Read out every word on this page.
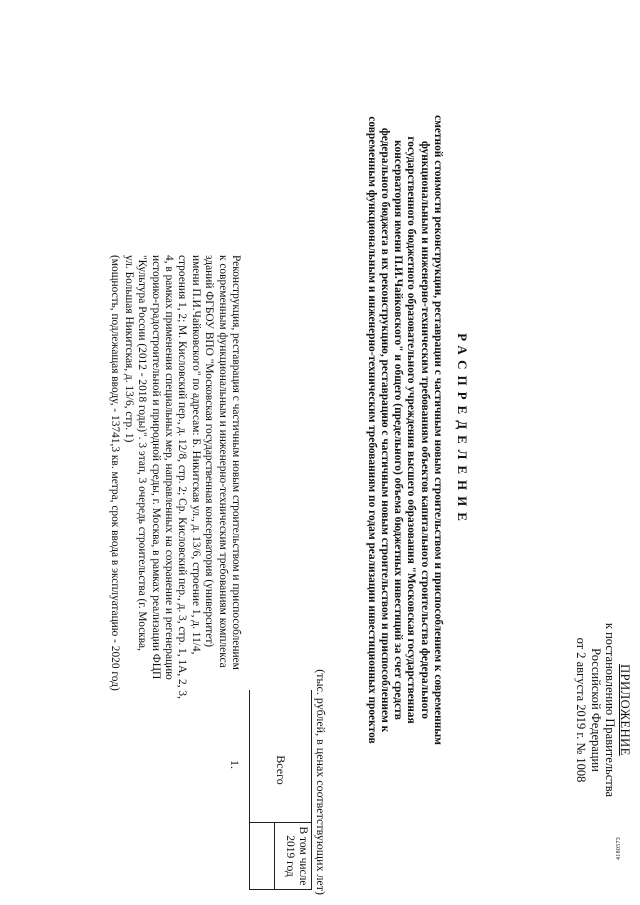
ПРИЛОЖЕНИЕ
к постановлению Правительства
Российской Федерации
от 2 августа 2019 г. № 1008
РАСПРЕДЕЛЕНИЕ
сметной стоимости реконструкции, реставрации с частичным новым строительством и приспособлением к современным
функциональным и инженерно-техническим требованиям объектов капитального строительства федерального
государственного бюджетного образовательного учреждения высшего образования "Московская государственная
консерватория имени П.И.Чайковского" и общего (предельного) объема бюджетных инвестиций за счет средств
федерального бюджета в их реконструкцию, реставрацию с частичным новым строительством и приспособлением к
современным функциональным и инженерно-техническим требованиям по годам реализации инвестиционных проектов
(тыс. рублей, в ценах соответствующих лет)
Всего
В том числе
2019 год
1.
Реконструкция, реставрация с частичным новым строительством и приспособлением
к современным функциональным и инженерно-техническим требованиям комплекса
зданий ФГБОУ ВПО "Московская государственная консерватория (университет)
имени П.И.Чайковского" по адресам: Б. Никитская ул., д. 13/6, строение 1, д. 11/4,
строения 1, 2; М. Кисловский пер., д. 12/8, стр. 2; Ср. Кисловский пер., д. 3, стр. 1, 1А, 2, 3,
4, в рамках применения специальных мер, направленных на сохранение и регенерацию
историко-градостроительной и природной среды, г. Москва, в рамках реализации ФЦП
"Культура России (2012 - 2018 годы)". 3 этап, 3 очередь строительства (г. Москва,
ул. Большая Никитская, д. 13/6, стр. 1)
(мощность, подлежащая вводу, - 13741,3 кв. метра, срок ввода в эксплуатацию - 2020 год)
4180573
